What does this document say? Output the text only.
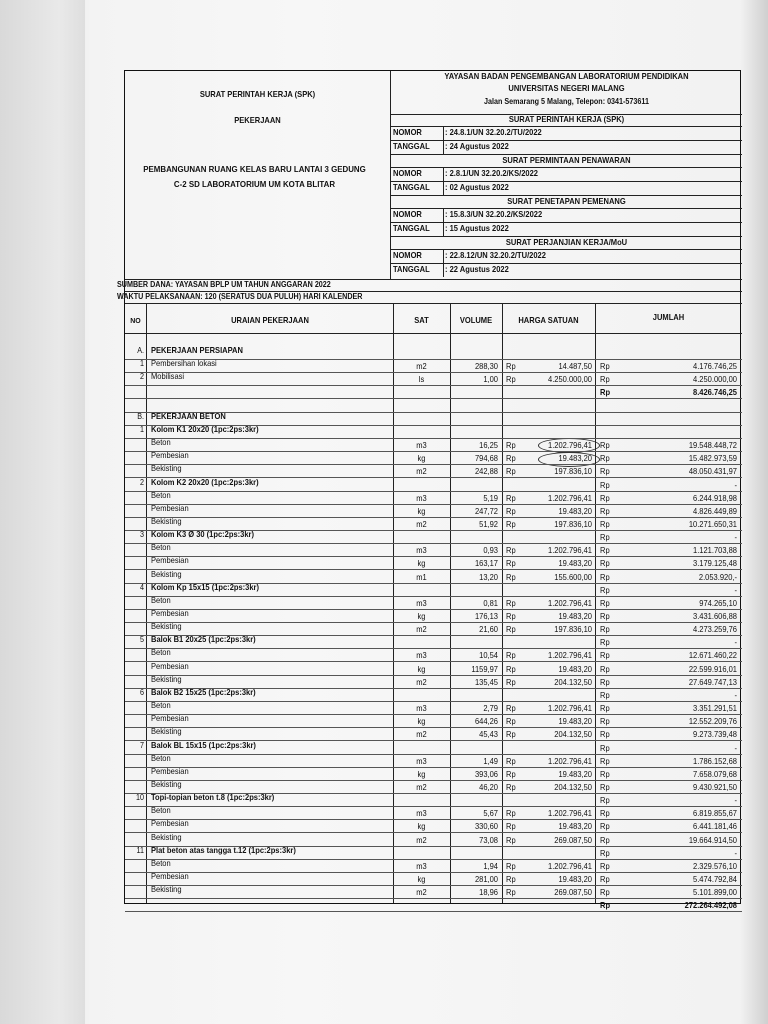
SURAT PERINTAH KERJA (SPK)
PEKERJAAN
PEMBANGUNAN RUANG KELAS BARU LANTAI 3 GEDUNG
C-2 SD LABORATORIUM UM KOTA BLITAR
YAYASAN BADAN PENGEMBANGAN LABORATORIUM PENDIDIKAN
UNIVERSITAS NEGERI MALANG
Jalan Semarang 5 Malang, Telepon: 0341-573611
SUMBER DANA: YAYASAN BPLP UM TAHUN ANGGARAN 2022
WAKTU PELAKSANAAN: 120 (SERATUS DUA PULUH) HARI KALENDER
NO	URAIAN PEKERJAAN	SAT	VOLUME	HARGA SATUAN	JUMLAH
SURAT PERINTAH KERJA (SPK)
NOMOR	: 24.8.1/UN 32.20.2/TU/2022
TANGGAL : 24 Agustus 2022
SURAT PERMINTAAN PENAWARAN
NOMOR	: 2.8.1/UN 32.20.2/KS/2022
TANGGAL : 02 Agustus 2022
SURAT PENETAPAN PEMENANG
NOMOR	: 15.8.3/UN 32.20.2/KS/2022
TANGGAL : 15 Agustus 2022
SURAT PERJANJIAN KERJA/MoU
NOMOR	: 22.8.12/UN 32.20.2/TU/2022
TANGGAL : 22 Agustus 2022
A. PEKERJAAN PERSIAPAN
1 Pembersihan lokasi	m2	288,30 Rp	14.487,50 Rp	4.176.746,25
2 Mobilisasi	ls	1,00 Rp	4.250.000,00 Rp	4.250.000,00
Rp	8.426.746,25
B. PEKERJAAN BETON
1 Kolom K1 20x20 (1pc:2ps:3kr)
Beton	m3	16,25 Rp	1.202.796,41 Rp	19.548.448,72
Pembesian	kg	794,68 Rp	19.483,20 Rp	15.482.973,59
Bekisting	m2	242,88 Rp	197.836,10 Rp	48.050.431,97
2 Kolom K2 20x20 (1pc:2ps:3kr)	Rp	-
Beton	m3	5,19 Rp	1.202.796,41 Rp	6.244.918,98
Pembesian	kg	247,72 Rp	19.483,20 Rp	4.826.449,89
Bekisting	m2	51,92 Rp	197.836,10 Rp	10.271.650,31
3 Kolom K3 Ø 30 (1pc:2ps:3kr)	Rp	-
Beton	m3	0,93 Rp	1.202.796,41 Rp	1.121.703,88
Pembesian	kg	163,17 Rp	19.483,20 Rp	3.179.125,48
Bekisting	m1	13,20 Rp	155.600,00 Rp	2.053.920,-
4 Kolom Kp 15x15 (1pc:2ps:3kr)	Rp	-
Beton	m3	0,81 Rp	1.202.796,41 Rp	974.265,10
Pembesian	kg	176,13 Rp	19.483,20 Rp	3.431.606,88
Bekisting	m2	21,60 Rp	197.836,10 Rp	4.273.259,76
5 Balok B1 20x25 (1pc:2ps:3kr)	Rp	-
Beton	m3	10,54 Rp	1.202.796,41 Rp	12.671.460,22
Pembesian	kg	1159,97 Rp	19.483,20 Rp	22.599.916,01
Bekisting	m2	135,45 Rp	204.132,50 Rp	27.649.747,13
6 Balok B2 15x25 (1pc:2ps:3kr)	Rp	-
Beton	m3	2,79 Rp	1.202.796,41 Rp	3.351.291,51
Pembesian	kg	644,26 Rp	19.483,20 Rp	12.552.209,76
Bekisting	m2	45,43 Rp	204.132,50 Rp	9.273.739,48
7 Balok BL 15x15 (1pc:2ps:3kr)	Rp	-
Beton	m3	1,49 Rp	1.202.796,41 Rp	1.786.152,68
Pembesian	kg	393,06 Rp	19.483,20 Rp	7.658.079,68
Bekisting	m2	46,20 Rp	204.132,50 Rp	9.430.921,50
10 Topi-topian beton t.8 (1pc:2ps:3kr)	Rp	-
Beton	m3	5,67 Rp	1.202.796,41 Rp	6.819.855,67
Pembesian	kg	330,60 Rp	19.483,20 Rp	6.441.181,46
Bekisting	m2	73,08 Rp	269.087,50 Rp	19.664.914,50
11 Plat beton atas tangga t.12 (1pc:2ps:3kr)	Rp	-
Beton	m3	1,94 Rp	1.202.796,41 Rp	2.329.576,10
Pembesian	kg	281,00 Rp	19.483,20 Rp	5.474.792,84
Bekisting	m2	18,96 Rp	269.087,50 Rp	5.101.899,00
Rp	272.264.492,08
